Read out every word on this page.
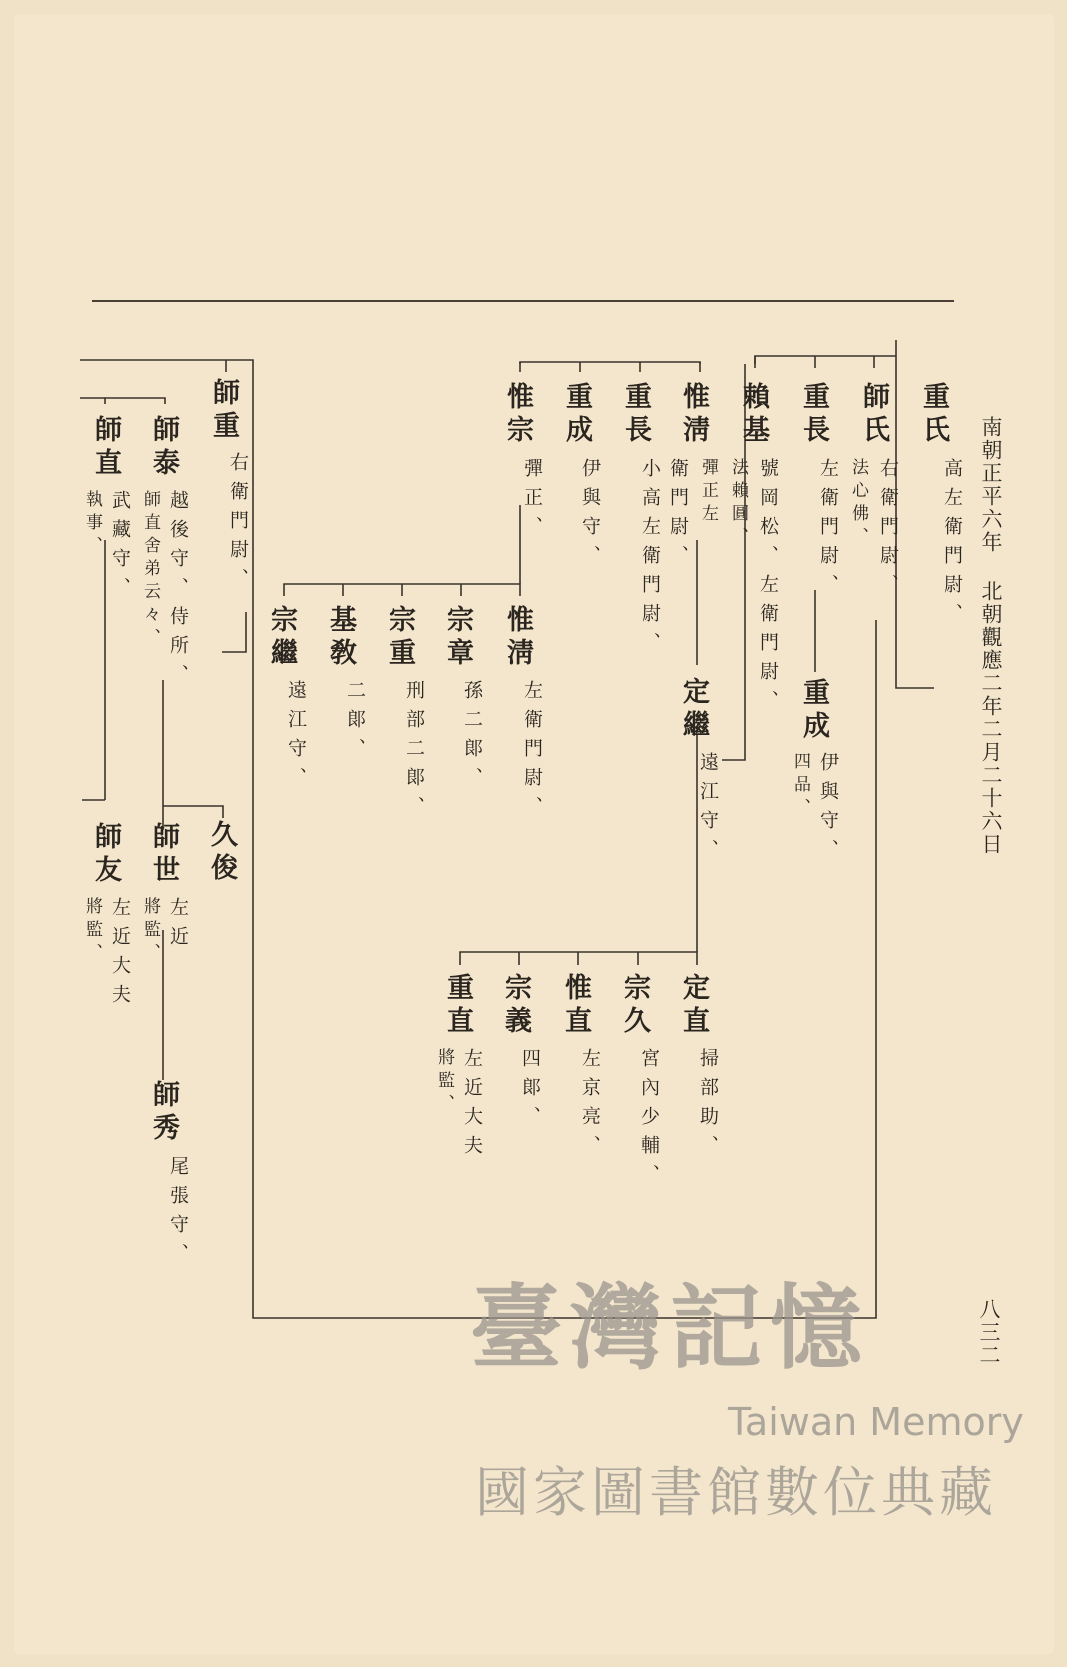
南朝正平六年 北朝觀應二年二月二十六日
重氏
高左衛門尉、
師氏
右衛門尉、
法心佛、
重長
左衛門尉、
重成
伊與守、
四品、
賴基
號岡松、左衛門尉、
法賴圓、
惟淸
彈正左
衛門尉、
定繼
遠江守、
重長
小高左衛門尉、
重成
伊與守、
惟宗
彈正、
惟淸
左衛門尉、
宗章
孫二郞、
宗重
刑部二郞、
基敎
二郞、
宗繼
遠江守、
定直
掃部助、
宗久
宮內少輔、
惟直
左京亮、
宗義
四郞、
重直
左近大夫
將監、
師重
右衛門尉、
師泰
越後守、侍所、
師直舍弟云々、
師直
武藏守、
執事、
久俊
師世
左近
將監、
師友
左近大夫
將監、
師秀
尾張守、
八三二
臺灣記憶
Taiwan Memory
國家圖書館數位典藏
